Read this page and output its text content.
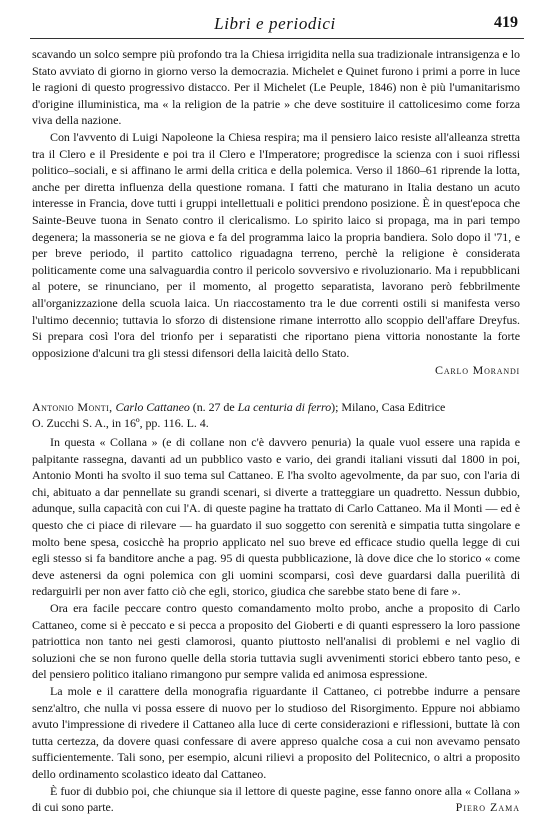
Libri e periodici	419

scavando un solco sempre più profondo tra la Chiesa irrigidita nella sua tradizionale intransigenza e lo Stato avviato di giorno in giorno verso la democrazia. Michelet e Quinet furono i primi a porre in luce le ragioni di questo progressivo distacco. Per il Michelet (Le Peuple, 1846) non è più l'umanitarismo d'origine illuministica, ma « la religion de la patrie » che deve sostituire il cattolicesimo come forza viva della nazione.

Con l'avvento di Luigi Napoleone la Chiesa respira; ma il pensiero laico resiste all'alleanza stretta tra il Clero e il Presidente e poi tra il Clero e l'Imperatore; progredisce la scienza con i suoi riflessi politico–sociali, e si affinano le armi della critica e della polemica. Verso il 1860–61 riprende la lotta, anche per diretta influenza della questione romana. I fatti che maturano in Italia destano un acuto interesse in Francia, dove tutti i gruppi intellettuali e politici prendono posizione. È in quest'epoca che Sainte-Beuve tuona in Senato contro il clericalismo. Lo spirito laico si propaga, ma in pari tempo degenera; la massoneria se ne giova e fa del programma laico la propria bandiera. Solo dopo il '71, e per breve periodo, il partito cattolico riguadagna terreno, perchè la religione è considerata politicamente come una salvaguardia contro il pericolo sovversivo e rivoluzionario. Ma i repubblicani al potere, se rinunciano, per il momento, al progetto separatista, lavorano però febbrilmente all'organizzazione della scuola laica. Un riaccostamento tra le due correnti ostili si manifesta verso l'ultimo decennio; tuttavia lo sforzo di distensione rimane interrotto allo scoppio dell'affare Dreyfus. Si prepara così l'ora del trionfo per i separatisti che riportano piena vittoria nonostante la forte opposizione d'alcuni tra gli stessi difensori della laicità dello Stato.

Carlo Morandi

Antonio Monti, Carlo Cattaneo (n. 27 de La centuria di ferro); Milano, Casa Editrice

O. Zucchi S. A., in 16º, pp. 116. L. 4.

In questa « Collana » (e di collane non c'è davvero penuria) la quale vuol essere una rapida e palpitante rassegna, davanti ad un pubblico vasto e vario, dei grandi italiani vissuti dal 1800 in poi, Antonio Monti ha svolto il suo tema sul Cattaneo. E l'ha svolto agevolmente, da par suo, con l'aria di chi, abituato a dar pennellate su grandi scenari, si diverte a tratteggiare un quadretto. Nessun dubbio, adunque, sulla capacità con cui l'A. di queste pagine ha trattato di Carlo Cattaneo. Ma il Monti — ed è questo che ci piace di rilevare — ha guardato il suo soggetto con serenità e simpatia tutta singolare e molto bene spesa, cosicchè ha proprio applicato nel suo breve ed efficace studio quella legge di cui egli stesso si fa banditore anche a pag. 95 di questa pubblicazione, là dove dice che lo storico « come deve astenersi da ogni polemica con gli uomini scomparsi, così deve guardarsi dalla puerilità di redarguirli per non aver fatto ciò che egli, storico, giudica che sarebbe stato bene di fare ».

Ora era facile peccare contro questo comandamento molto probo, anche a proposito di Carlo Cattaneo, come si è peccato e si pecca a proposito del Gioberti e di quanti espressero la loro passione patriottica non tanto nei gesti clamorosi, quanto piuttosto nell'analisi di problemi e nel vaglio di soluzioni che se non furono quelle della storia tuttavia sugli avvenimenti storici ebbero tanto peso, e del pensiero politico italiano rimangono pur sempre valida ed animosa espressione.

La mole e il carattere della monografia riguardante il Cattaneo, ci potrebbe indurre a pensare senz'altro, che nulla vi possa essere di nuovo per lo studioso del Risorgimento. Eppure noi abbiamo avuto l'impressione di rivedere il Cattaneo alla luce di certe considerazioni e riflessioni, buttate là con tutta certezza, da dovere quasi confessare di avere appreso qualche cosa a cui non avevamo pensato sufficientemente. Tali sono, per esempio, alcuni rilievi a proposito del Politecnico, o altri a proposito dello ordinamento scolastico ideato dal Cattaneo.

È fuor di dubbio poi, che chiunque sia il lettore di queste pagine, esse fanno onore alla « Collana » di cui sono parte.	Piero Zama
